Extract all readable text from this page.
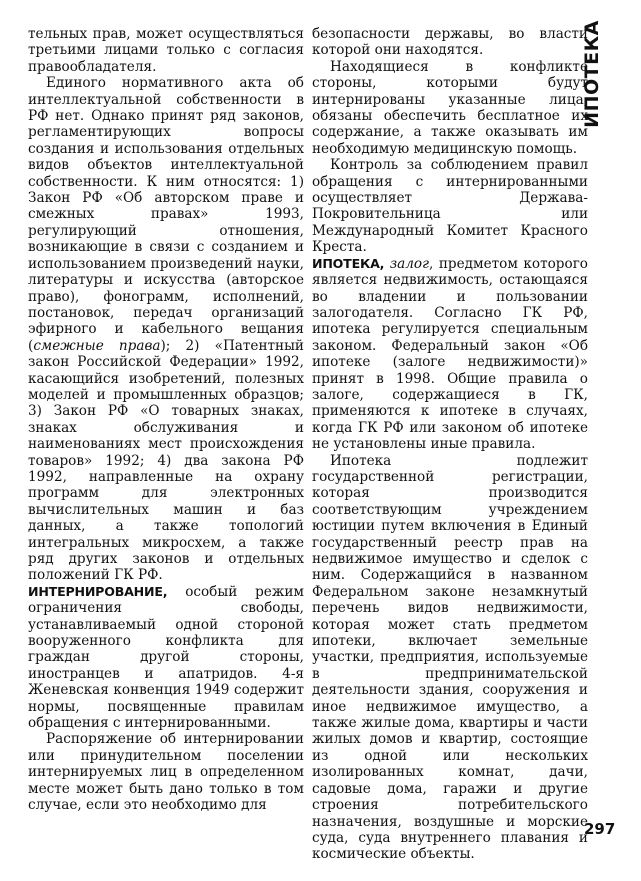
тельных прав, может осуществляться третьими лицами только с согласия правообладателя.

Единого нормативного акта об интеллектуальной собственности в РФ нет. Однако принят ряд законов, регламентирующих вопросы создания и использования отдельных видов объектов интеллектуальной собственности. К ним относятся: 1) Закон РФ «Об авторском праве и смежных правах» 1993, регулирующий отношения, возникающие в связи с созданием и использованием произведений науки, литературы и искусства (авторское право), фонограмм, исполнений, постановок, передач организаций эфирного и кабельного вещания (смежные права); 2) «Патентный закон Российской Федерации» 1992, касающийся изобретений, полезных моделей и промышленных образцов; 3) Закон РФ «О товарных знаках, знаках обслуживания и наименованиях мест происхождения товаров» 1992; 4) два закона РФ 1992, направленные на охрану программ для электронных вычислительных машин и баз данных, а также топологий интегральных микросхем, а также ряд других законов и отдельных положений ГК РФ.

ИНТЕРНИРОВАНИЕ, особый режим ограничения свободы, устанавливаемый одной стороной вооруженного конфликта для граждан другой стороны, иностранцев и апатридов. 4-я Женевская конвенция 1949 содержит нормы, посвященные правилам обращения с интернированными.

Распоряжение об интернировании или принудительном поселении интернируемых лиц в определенном месте может быть дано только в том случае, если это необходимо для

безопасности державы, во власти которой они находятся.

Находящиеся в конфликте стороны, которыми будут интернированы указанные лица, обязаны обеспечить бесплатное их содержание, а также оказывать им необходимую медицинскую помощь.

Контроль за соблюдением правил обращения с интернированными осуществляет Держава-Покровительница или Международный Комитет Красного Креста.

ИПОТЕКА, залог, предметом которого является недвижимость, остающаяся во владении и пользовании залогодателя. Согласно ГК РФ, ипотека регулируется специальным законом. Федеральный закон «Об ипотеке (залоге недвижимости)» принят в 1998. Общие правила о залоге, содержащиеся в ГК, применяются к ипотеке в случаях, когда ГК РФ или законом об ипотеке не установлены иные правила.

Ипотека подлежит государственной регистрации, которая производится соответствующим учреждением юстиции путем включения в Единый государственный реестр прав на недвижимое имущество и сделок с ним. Содержащийся в названном Федеральном законе незамкнутый перечень видов недвижимости, которая может стать предметом ипотеки, включает земельные участки, предприятия, используемые в предпринимательской деятельности здания, сооружения и иное недвижимое имущество, а также жилые дома, квартиры и части жилых домов и квартир, состоящие из одной или нескольких изолированных комнат, дачи, садовые дома, гаражи и другие строения потребительского назначения, воздушные и морские суда, суда внутреннего плавания и космические объекты.

ИПОТЕКА
297
